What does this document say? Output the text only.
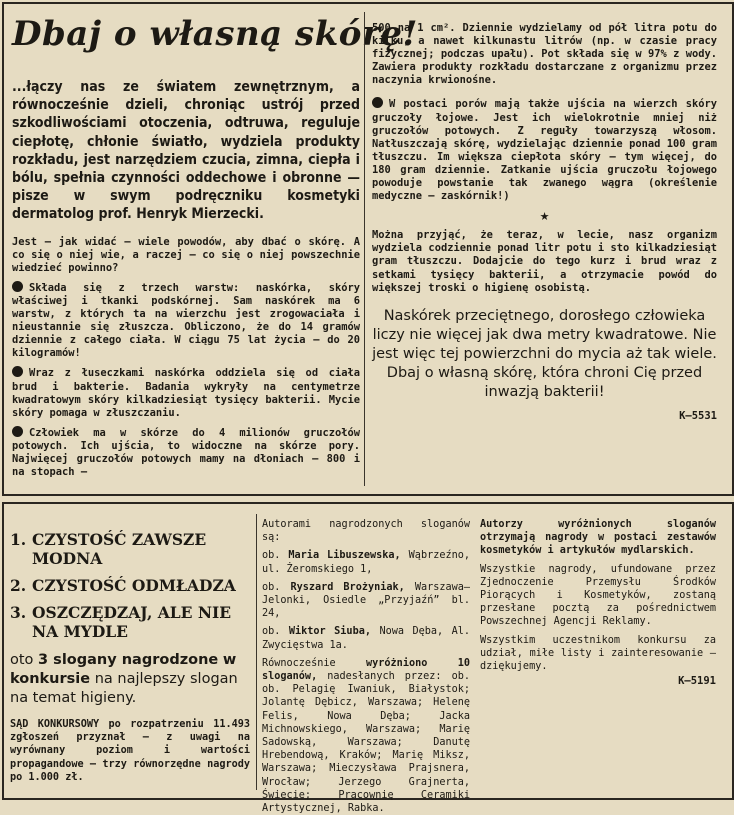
Dbaj o własną skórę!

...łączy nas ze światem zewnętrznym, a równocześnie dzieli, chroniąc ustrój przed szkodliwościami otoczenia, odtruwa, reguluje ciepłotę, chłonie światło, wydziela produkty rozkładu, jest narzędziem czucia, zimna, ciepła i bólu, spełnia czynności oddechowe i obronne — pisze w swym podręczniku kosmetyki dermatolog prof. Henryk Mierzecki.

Jest — jak widać — wiele powodów, aby dbać o skórę. A co się o niej wie, a raczej — co się o niej powszechnie wiedzieć powinno?

Składa się z trzech warstw: naskórka, skóry właściwej i tkanki podskórnej. Sam naskórek ma 6 warstw, z których ta na wierzchu jest zrogowaciała i nieustannie się złuszcza. Obliczono, że do 14 gramów dziennie z całego ciała. W ciągu 75 lat życia — do 20 kilogramów!

Wraz z łuseczkami naskórka oddziela się od ciała brud i bakterie. Badania wykryły na centymetrze kwadratowym skóry kilkadziesiąt tysięcy bakterii. Mycie skóry pomaga w złuszczaniu.

Człowiek ma w skórze do 4 milionów gruczołów potowych. Ich ujścia, to widoczne na skórze pory. Najwięcej gruczołów potowych mamy na dłoniach — 800 i na stopach —

500 na 1 cm². Dziennie wydzielamy od pół litra potu do kilku, a nawet kilkunastu litrów (np. w czasie pracy fizycznej; podczas upału). Pot składa się w 97% z wody. Zawiera produkty rozkładu dostarczane z organizmu przez naczynia krwionośne.

W postaci porów mają także ujścia na wierzch skóry gruczoły łojowe. Jest ich wielokrotnie mniej niż gruczołów potowych. Z reguły towarzyszą włosom. Natłuszczają skórę, wydzielając dziennie ponad 100 gram tłuszczu. Im większa ciepłota skóry — tym więcej, do 180 gram dziennie. Zatkanie ujścia gruczołu łojowego powoduje powstanie tak zwanego wągra (określenie medyczne — zaskórnik!)

★

Można przyjąć, że teraz, w lecie, nasz organizm wydziela codziennie ponad litr potu i sto kilkadziesiąt gram tłuszczu. Dodajcie do tego kurz i brud wraz z setkami tysięcy bakterii, a otrzymacie powód do większej troski o higienę osobistą.

Naskórek przeciętnego, dorosłego człowieka liczy nie więcej jak dwa metry kwadratowe. Nie jest więc tej powierzchni do mycia aż tak wiele. Dbaj o własną skórę, która chroni Cię przed inwazją bakterii!

K—5531

1. CZYSTOŚĆ ZAWSZE
MODNA
2. CZYSTOŚĆ ODMŁADZA
3. OSZCZĘDZAJ, ALE NIE
NA MYDLE

oto 3 slogany nagrodzone w konkursie na najlepszy slogan na temat higieny.

SĄD KONKURSOWY po rozpatrzeniu 11.493 zgłoszeń przyznał — z uwagi na wyrównany poziom i wartości propagandowe — trzy równorzędne nagrody po 1.000 zł.

Autorami nagrodzonych sloganów są:

ob. Maria Libuszewska, Wąbrzeźno, ul. Żeromskiego 1,

ob. Ryszard Brożyniak, Warszawa—Jelonki, Osiedle „Przyjaźń” bl. 24,

ob. Wiktor Siuba, Nowa Dęba, Al. Zwycięstwa 1a.

Równocześnie	wyróżniono 10 sloganów, nadesłanych przez: ob. ob. Pelagię Iwaniuk, Białystok; Jolantę Dębicz, Warszawa; Helenę Felis, Nowa Dęba; Jacka Michnowskiego, Warszawa; Marię Sadowską, Warszawa; Danutę Hrebendową, Kraków; Marię Miksz, Warszawa; Mieczysława Prajsnera, Wrocław; Jerzego Grajnerta, Świecie; Pracownię Ceramiki Artystycznej, Rabka.

Autorzy wyróżnionych sloganów otrzymają nagrody w postaci zestawów kosmetyków i artykułów mydlarskich.

Wszystkie nagrody, ufundowane przez Zjednoczenie Przemysłu Środków Piorących i Kosmetyków, zostaną przesłane pocztą za pośrednictwem Powszechnej Agencji Reklamy.

Wszystkim uczestnikom konkursu za udział, miłe listy i zainteresowanie — dziękujemy.

K—5191
